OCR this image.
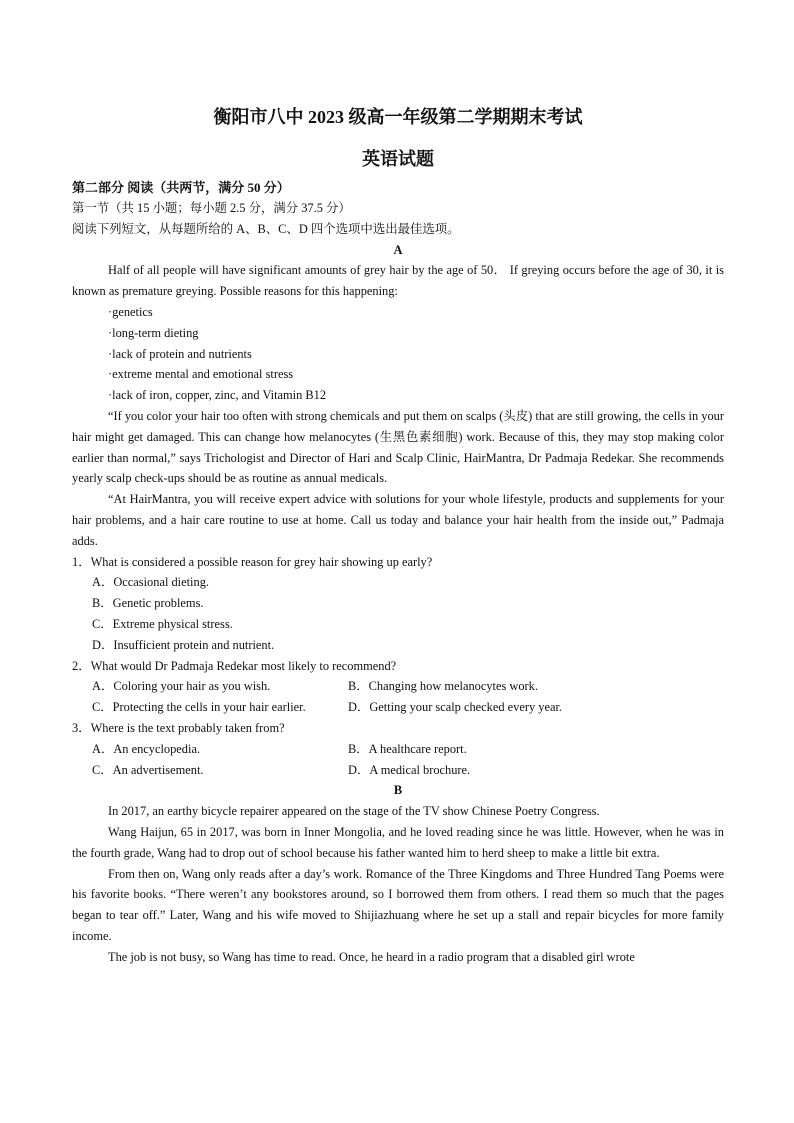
衡阳市八中 2023 级高一年级第二学期期末考试

英语试题

第二部分 阅读（共两节，满分 50 分）

第一节（共 15 小题；每小题 2.5 分，满分 37.5 分）

阅读下列短文，从每题所给的 A、B、C、D 四个选项中选出最佳选项。

A

Half of all people will have significant amounts of grey hair by the age of 50． If greying occurs before the age of 30, it is known as premature greying. Possible reasons for this happening:

·genetics

·long-term dieting

·lack of protein and nutrients

·extreme mental and emotional stress

·lack of iron, copper, zinc, and Vitamin B12

“If you color your hair too often with strong chemicals and put them on scalps (头皮) that are still growing, the cells in your hair might get damaged. This can change how melanocytes (生黑色素细胞) work. Because of this, they may stop making color earlier than normal,” says Trichologist and Director of Hari and Scalp Clinic, HairMantra, Dr Padmaja Redekar. She recommends yearly scalp check-ups should be as routine as annual medicals.

“At HairMantra, you will receive expert advice with solutions for your whole lifestyle, products and supplements for your hair problems, and a hair care routine to use at home. Call us today and balance your hair health from the inside out,” Padmaja adds.

1．What is considered a possible reason for grey hair showing up early?

A．Occasional dieting.

B．Genetic problems.

C．Extreme physical stress.

D．Insufficient protein and nutrient.

2．What would Dr Padmaja Redekar most likely to recommend?

A．Coloring your hair as you wish.	B．Changing how melanocytes work.
C．Protecting the cells in your hair earlier.	D．Getting your scalp checked every year.

3．Where is the text probably taken from?

A．An encyclopedia.	B．A healthcare report.
C．An advertisement.	D．A medical brochure.

B

In 2017, an earthy bicycle repairer appeared on the stage of the TV show Chinese Poetry Congress.

Wang Haijun, 65 in 2017, was born in Inner Mongolia, and he loved reading since he was little. However, when he was in the fourth grade, Wang had to drop out of school because his father wanted him to herd sheep to make a little bit extra.

From then on, Wang only reads after a day’s work. Romance of the Three Kingdoms and Three Hundred Tang Poems were his favorite books. “There weren’t any bookstores around, so I borrowed them from others. I read them so much that the pages began to tear off.” Later, Wang and his wife moved to Shijiazhuang where he set up a stall and repair bicycles for more family income.

The job is not busy, so Wang has time to read. Once, he heard in a radio program that a disabled girl wrote
